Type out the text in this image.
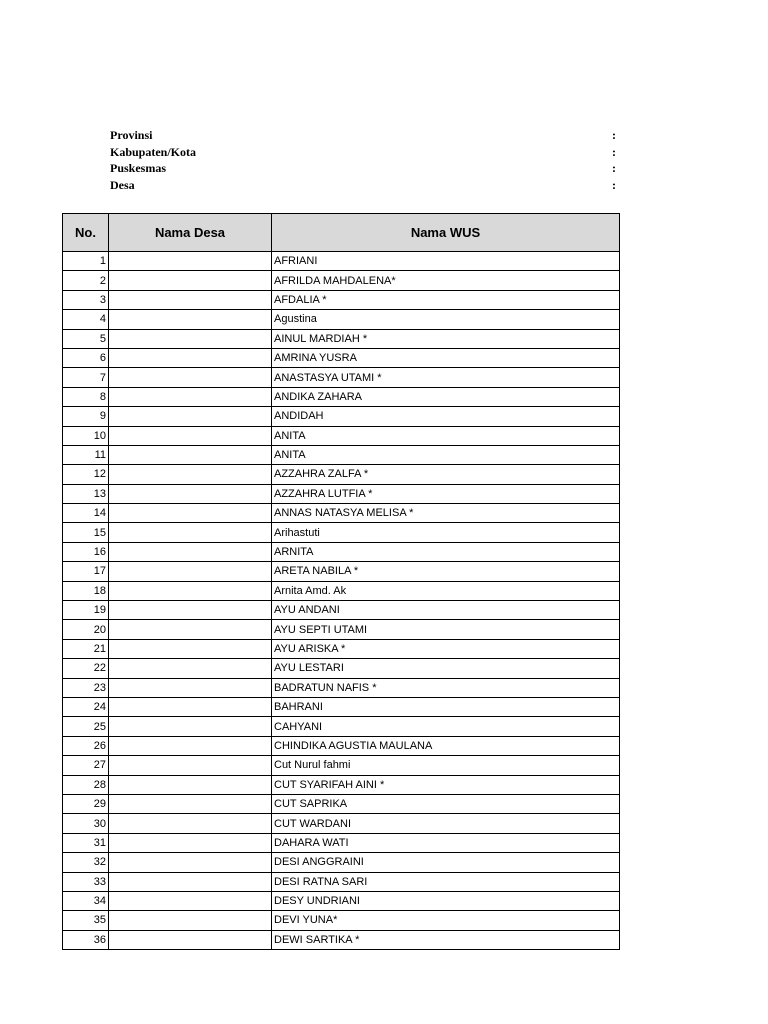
Provinsi	:
Kabupaten/Kota	:
Puskesmas	:
Desa	:
No.	Nama Desa	Nama WUS
1		AFRIANI
2		AFRILDA MAHDALENA*
3		AFDALIA *
4		Agustina
5		AINUL MARDIAH *
6		AMRINA YUSRA
7		ANASTASYA UTAMI *
8		ANDIKA ZAHARA
9		ANDIDAH
10		ANITA
11		ANITA
12		AZZAHRA ZALFA *
13		AZZAHRA LUTFIA *
14		ANNAS NATASYA MELISA *
15		Arihastuti
16		ARNITA
17		ARETA NABILA *
18		Arnita Amd. Ak
19		AYU ANDANI
20		AYU SEPTI UTAMI
21		AYU ARISKA *
22		AYU LESTARI
23		BADRATUN NAFIS *
24		BAHRANI
25		CAHYANI
26		CHINDIKA AGUSTIA MAULANA
27		Cut Nurul fahmi
28		CUT SYARIFAH AINI *
29		CUT SAPRIKA
30		CUT WARDANI
31		DAHARA WATI
32		DESI ANGGRAINI
33		DESI RATNA SARI
34		DESY UNDRIANI
35		DEVI YUNA*
36		DEWI SARTIKA *
